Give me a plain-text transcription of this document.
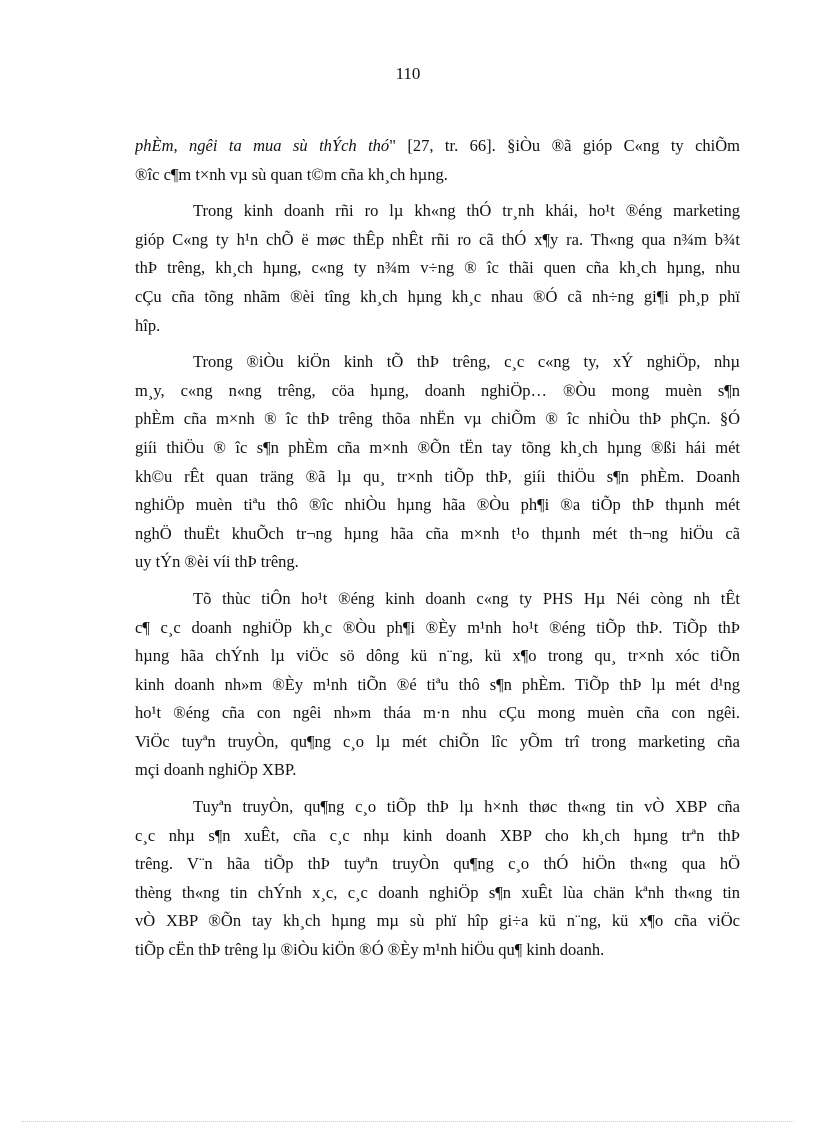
110

phÈm, ngêi ta mua sù thÝch thó" [27, tr. 66]. §iÒu ®ã gióp C«ng ty chiÕm
®îc c¶m t×nh vµ sù quan t©m cña kh¸ch hµng.

Trong kinh doanh rñi ro lµ kh«ng thÓ tr¸nh khái, ho¹t ®éng marketing
gióp C«ng ty h¹n chÕ ë møc thÊp nhÊt rñi ro cã thÓ x¶y ra. Th«ng qua n¾m b¾t
thÞ trêng, kh¸ch hµng, c«ng ty n¾m v÷ng ® îc thãi quen cña kh¸ch hµng, nhu
cÇu cña tõng nhãm ®èi tîng kh¸ch hµng kh¸c nhau ®Ó cã nh÷ng gi¶i ph¸p phï
hîp.

Trong ®iÒu kiÖn kinh tÕ thÞ trêng, c¸c c«ng ty, xÝ nghiÖp, nhµ
m¸y, c«ng n«ng trêng, cöa hµng, doanh nghiÖp… ®Òu mong muèn s¶n
phÈm cña m×nh ® îc thÞ trêng thõa nhËn vµ chiÕm ® îc nhiÒu thÞ phÇn. §Ó
giíi thiÖu ® îc s¶n phÈm cña m×nh ®Õn tËn tay tõng kh¸ch hµng ®ßi hái mét
kh©u rÊt quan träng ®ã lµ qu¸ tr×nh tiÕp thÞ, giíi thiÖu s¶n phÈm. Doanh
nghiÖp muèn tiªu thô ®îc nhiÒu hµng hãa ®Òu ph¶i ®a tiÕp thÞ thµnh mét
nghÖ thuËt khuÕch tr¬ng hµng hãa cña m×nh t¹o thµnh mét th¬ng hiÖu cã
uy tÝn ®èi víi thÞ trêng.

Tõ thùc tiÔn ho¹t ®éng kinh doanh c«ng ty PHS Hµ Néi còng nh tÊt
c¶ c¸c doanh nghiÖp kh¸c ®Òu ph¶i ®Èy m¹nh ho¹t ®éng tiÕp thÞ. TiÕp thÞ
hµng hãa chÝnh lµ viÖc sö dông kü n¨ng, kü x¶o trong qu¸ tr×nh xóc tiÕn
kinh doanh nh»m ®Èy m¹nh tiÕn ®é tiªu thô s¶n phÈm. TiÕp thÞ lµ mét d¹ng
ho¹t ®éng cña con ngêi nh»m tháa m·n nhu cÇu mong muèn cña con ngêi.
ViÖc tuyªn truyÒn, qu¶ng c¸o lµ mét chiÕn lîc yÕm trî trong marketing cña
mçi doanh nghiÖp XBP.

Tuyªn truyÒn, qu¶ng c¸o tiÕp thÞ lµ h×nh thøc th«ng tin vÒ XBP cña
c¸c nhµ s¶n xuÊt, cña c¸c nhµ kinh doanh XBP cho kh¸ch hµng trªn thÞ
trêng. V¨n hãa tiÕp thÞ tuyªn truyÒn qu¶ng c¸o thÓ hiÖn th«ng qua hÖ
thèng th«ng tin chÝnh x¸c, c¸c doanh nghiÖp s¶n xuÊt lùa chän kªnh th«ng tin
vÒ XBP ®Õn tay kh¸ch hµng mµ sù phï hîp gi÷a kü n¨ng, kü x¶o cña viÖc
tiÕp cËn thÞ trêng lµ ®iÒu kiÖn ®Ó ®Èy m¹nh hiÖu qu¶ kinh doanh.
